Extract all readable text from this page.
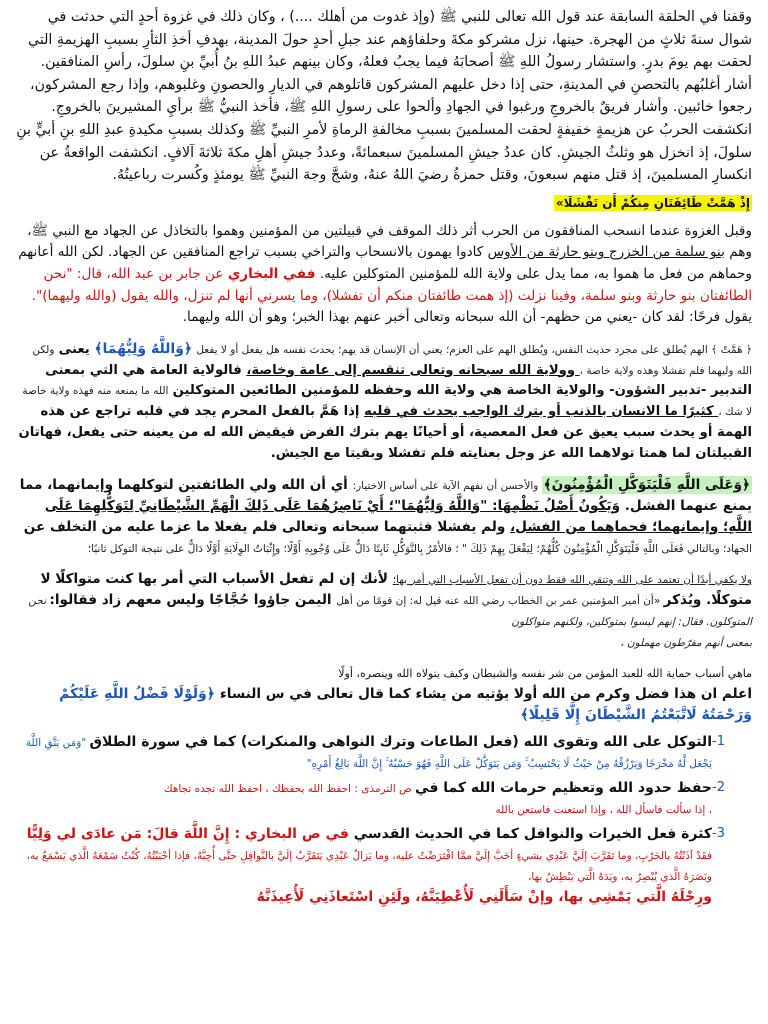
وقفنا في الحلقة السابقة عند قول الله تعالى للنبي ﷺ (وإذ غدوت من أهلك ....) ، وكان ذلك في غزوة أحدٍ التي حدثت في شوال سنةَ ثلاثٍ من الهجرة. حينها، نزل مشركو مكةَ وحلفاؤهم عند جبلِ أحدٍ حولَ المدينة، بهدفِ أخذِ الثأرِ بسببِ الهزيمةِ التي لحقت بهم يومَ بدرٍ. واستشار رسولُ اللهِ ﷺ أصحابَهُ فيما يجبُ فعلهُ، وكان بينهم عبدُ اللهِ بنُ أُبيِّ بنِ سلولَ، رأسِ المنافقين. أشار أغلبُهم بالتحصنِ في المدينةِ، حتى إذا دخل عليهم المشركون قاتلوهم في الديارِ والحصونِ وغلبوهم، وإذا رجع المشركون، رجعوا خائبين. وأشار فريقٌ بالخروجِ ورغبوا في الجهادِ وألحوا على رسولِ اللهِ ﷺ، فأخذ النبيُّ ﷺ برأيِ المشيرينَ بالخروجِ. انكشفت الحربُ عن هزيمةٍ خفيفةٍ لحقت المسلمينَ بسببِ مخالفةِ الرماةِ لأمرِ النبيِّ ﷺ وكذلك بسببِ مكيدةِ عبدِ اللهِ بنِ أبيٍّ بنِ سلولَ، إذ انخزل هو وثلثُ الجيشِ. كان عددُ جيشِ المسلمينَ سبعمائةً، وعددُ جيشِ أهلِ مكةَ ثلاثةَ آلافٍ. انكشفت الواقعةُ عن انكسارِ المسلمينَ، إذ قتل منهم سبعونَ، وقتل حمزةُ رضيَ اللهُ عنهُ، وشجَّ وجهَ النبيِّ ﷺ يومئذٍ وكُسرت رباعيتُهُ.

إِذْ هَمَّتْ طَائِفَتَانِ مِنكُمْ أَن تَفْشَلَا»

وقبل الغزوة عندما انسحب المنافقون من الحرب أثر ذلك الموقف في قبيلتين من المؤمنين وهموا بالتخاذل عن الجهاد مع النبي ﷺ، وهم بنو سلمة من الخزرج وبنو حارثة من الأوس كادوا يهمون بالانسحاب والتراخي بسبب تراجع المنافقين عن الجهاد. لكن الله أعانهم وحماهم من فعل ما هموا به، مما يدل على ولاية الله للمؤمنين المتوكلين عليه. ففي البخاري عن جابر بن عبد الله، قال: "نحن الطائفتان بنو حارثة وبنو سلمة، وفينا نزلت (إذ همت طائفتان منكم أن تفشلا)، وما يسرني أنها لم تنزل، والله يقول (والله وليهما)". يقول فرحًا: لقد كان -يعني من حظهم- أن الله سبحانه وتعالى أخبر عنهم بهذا الخبر؛ وهو أن الله وليهما.

﴿ هَمَّتْ ﴾ الهم يُطلق على مجرد حديث النفس، ويُطلق الهم على العزم؛ يعني أن الإنسان قد يهم؛ يحدث نفسه هل يفعل أو لا يفعل ﴿وَاللَّهُ وَلِيُّهُمَا﴾ يعنى ولكن الله وليهما فلم تفشلا وهذه ولاية خاصة ، وولاية الله سبحانه وتعالى تنقسم إلى عامة وخاصة، فالولاية العامة هي التي بمعنى التدبير -تدبير الشؤون- والولاية الخاصة هي ولاية الله وحفظه للمؤمنين الطائعين المتوكلين الله ما يمنعه منه فهذه ولاية خاصة لا شك ، كثيرًا ما الانسان بالذنب أو بترك الواجب يحدث في قلبه إذا هَمَّ بالفعل المحرم يجد في قلبه تراجع عن هذه الهمة أو يحدث سبب يعيق عن فعل المعصية، أو أحيانًا يهم بترك الفرض فيقيض الله له من يعينه حتى يفعل، فهاتان القبيلتان لما همتا تولاهما الله عز وجل بعنايته فلم تفشلا وبقيتا مع الجيش.

﴿وَعَلَى اللَّهِ فَلْيَتَوَكَّلِ الْمُؤْمِنُونَ﴾ والأحسن أن نفهم الآية على أساس الاختيار: أي أن الله ولي الطائفتين لتوكلهما وإيمانهما، مما يمنع عنهما الفشل. وَيَكُونُ أَصْلُ نَظْمِهَا: "وَاللَّهُ وَلِيُّهُمَا"؛ أَيْ نَاصِرُهُمَا عَلَى ذَلِكَ الْهَمِّ الشَّيْطَانِيِّ لِتَوَكُّلِهِمَا عَلَى اللَّهِ؛ وإيمانهما؛ فحماهما من الفشل، ولم يفشلا فثبتهما سبحانه وتعالى فلم يفعلا ما عزما عليه من التخلف عن الجهاد؛ وبالتالي فَعَلَى اللَّهِ فَلْيَتَوَكَّلِ الْمُؤْمِنُونَ كُلُّهُمْ؛ لِيَفْعَلَ بِهِمْ ذَلِكَ " ؛ فالأَمْرُ بِالتَّوَكُّلِ ثَابِتًا دَالٌّ عَلَى وُجُوبِهِ أَوَّلًا؛ وإِثْبَاتُ الوِلَايَةِ أَوَّلًا دَالٌّ على نتيجة التوكل ثانيًا؛

ولا يكفي أبدًا أن تعتمد على الله وتتقي الله فقط دون أن تفعل الأسباب التي أمر بها؛ لأنك إن لم تفعل الأسباب التي أمر بها كنت متواكلًا لا متوكلًا. ويُذكر «أن أمير المؤمنين عمر بن الخطاب رضي الله عنه قيل له: إن قومًا من أهل اليمن جاؤوا حُجَّاجًا وليس معهم زاد فقالوا: نحن المتوكلون. فقال: إنهم ليسوا بمتوكلين، ولكنهم متواكلون
بمعنى أنهم مفرّطون مهملون ،

ماهي أسباب حماية الله للعبد المؤمن من شر نفسه والشيطان وكيف يتولاه الله وينصره، أولًا
اعلم ان هذا فضل وكرم من الله أولا يؤتيه من يشاء كما قال تعالى في س النساء ﴿وَلَوْلَا فَضْلُ اللَّهِ عَلَيْكُمْ وَرَحْمَتُهُ لَاتَّبَعْتُمُ الشَّيْطَانَ إِلَّا قَلِيلًا﴾

-1
التوكل على الله وتقوى الله (فعل الطاعات وترك النواهى والمنكرات) كما في سورة الطلاق "وَمَن يَتَّقِ اللَّهَ يَجْعَل لَّهُ مَخْرَجًا وَيَرْزُقْهُ مِنْ حَيْثُ لَا يَحْتَسِبُ ۚ وَمَن يَتَوَكَّلْ عَلَى اللَّهِ فَهُوَ حَسْبُهُ ۚ إِنَّ اللَّهَ بَالِغُ أَمْرِهِ"
-2
حفظ حدود الله وتعظيم حرمات الله كما في ص الترمذى : احفظ الله يحفظك ، احفظ الله تجده تجاهك
، إذا سألت فاسأل الله ، وإذا استعنت فاستعن بالله
-3
كثرة فعل الخيرات والنوافل كما في الحديث القدسي في ص البخاري : إِنَّ اللَّهَ قالَ: مَن عادَى لي وَلِيًّا
فقَدْ آذَنْتُهُ بالحَرْبِ، وما تَقَرَّبَ إلَيَّ عَبْدِي بشيءٍ أحَبَّ إلَيَّ ممَّا افْتَرَضْتُ عليه، وما يَزالُ عَبْدِي يَتَقَرَّبُ إلَيَّ بالنَّوافِلِ حتَّى أُحِبَّهُ، فإذا أحْبَبْتُهُ، كُنْتُ سَمْعَهُ الَّذي يَسْمَعُ به، وبَصَرَهُ الَّذي يُبْصِرُ به، ويَدَهُ الَّتي يَبْطِشُ بها،
ورِجْلَهُ الَّتي يَمْشِي بها، وإنْ سَأَلَنِي لَأُعْطِيَنَّهُ، ولَئِنِ اسْتَعاذَنِي لَأُعِيذَنَّهُ
